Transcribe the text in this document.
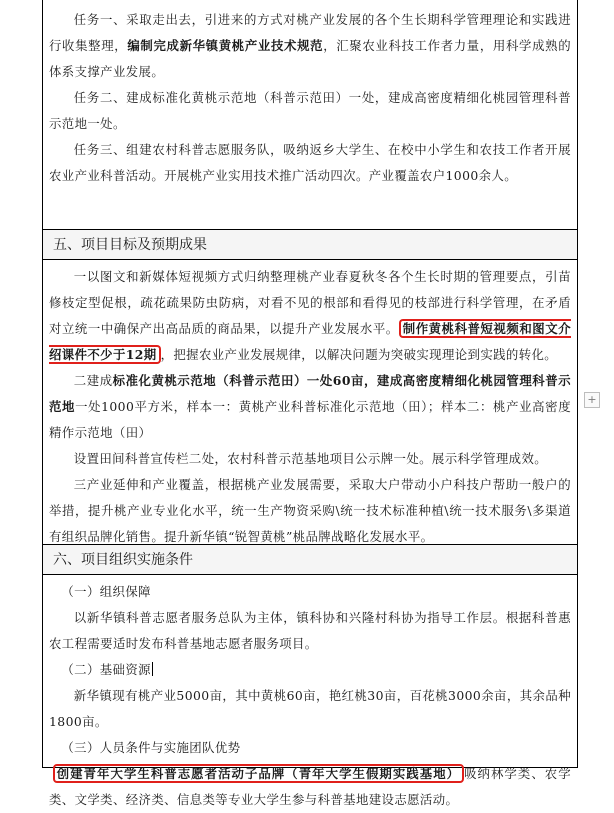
任务一、采取走出去，引进来的方式对桃产业发展的各个生长期科学管理理论和实践进行收集整理，编制完成新华镇黄桃产业技术规范，汇聚农业科技工作者力量，用科学成熟的体系支撑产业发展。

任务二、建成标准化黄桃示范地（科普示范田）一处，建成高密度精细化桃园管理科普示范地一处。

任务三、组建农村科普志愿服务队，吸纳返乡大学生、在校中小学生和农技工作者开展农业产业科普活动。开展桃产业实用技术推广活动四次。产业覆盖农户1000余人。

五、项目目标及预期成果

一以图文和新媒体短视频方式归纳整理桃产业春夏秋冬各个生长时期的管理要点，引苗修枝定型促根，疏花疏果防虫防病，对看不见的根部和看得见的枝部进行科学管理，在矛盾对立统一中确保产出高品质的商品果，以提升产业发展水平。 制作黄桃科普短视频和图文介绍课件不少于12期 ，把握农业产业发展规律，以解决问题为突破实现理论到实践的转化。

二建成标准化黄桃示范地（科普示范田）一处60亩，建成高密度精细化桃园管理科普示范地一处1000平方米，样本一：黄桃产业科普标准化示范地（田）；样本二：桃产业高密度精作示范地（田）

设置田间科普宣传栏二处，农村科普示范基地项目公示牌一处。展示科学管理成效。

三产业延伸和产业覆盖，根据桃产业发展需要，采取大户带动小户科技户帮助一般户的举措，提升桃产业专业化水平，统一生产物资采购\统一技术标准种植\统一技术服务\多渠道有组织品牌化销售。提升新华镇“锐智黄桃”桃品牌战略化发展水平。

六、项目组织实施条件

（一）组织保障

以新华镇科普志愿者服务总队为主体，镇科协和兴隆村科协为指导工作层。根据科普惠农工程需要适时发布科普基地志愿者服务项目。

（二）基础资源

新华镇现有桃产业5000亩，其中黄桃60亩，艳红桃30亩，百花桃3000余亩，其余品种1800亩。

（三）人员条件与实施团队优势

创建青年大学生科普志愿者活动子品牌（青年大学生假期实践基地） 吸纳林学类、农学类、文学类、经济类、信息类等专业大学生参与科普基地建设志愿活动。

+
